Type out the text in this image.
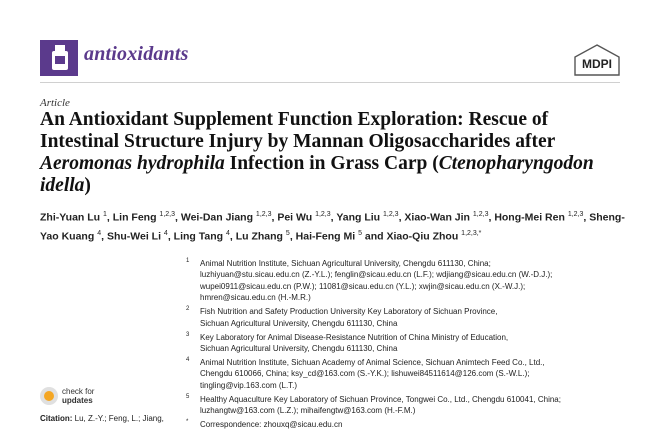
antioxidants	MDPI
Article
An Antioxidant Supplement Function Exploration: Rescue of Intestinal Structure Injury by Mannan Oligosaccharides after Aeromonas hydrophila Infection in Grass Carp (Ctenopharyngodon idella)
Zhi-Yuan Lu $^1$, Lin Feng $^{1,2,3}$, Wei-Dan Jiang $^{1,2,3}$, Pei Wu $^{1,2,3}$, Yang Liu $^{1,2,3}$, Xiao-Wan Jin $^{1,2,3}$, Hong-Mei Ren $^{1,2,3}$, Sheng-Yao Kuang $^4$, Shu-Wei Li $^4$, Ling Tang $^4$, Lu Zhang $^5$, Hai-Feng Mi $^5$ and Xiao-Qiu Zhou $^{1,2,3,*}$
1 Animal Nutrition Institute, Sichuan Agricultural University, Chengdu 611130, China;
luzhiyuan@stu.sicau.edu.cn (Z.-Y.L.); fenglin@sicau.edu.cn (L.F.); wdjiang@sicau.edu.cn (W.-D.J.);
wupei0911@sicau.edu.cn (P.W.); 11081@sicau.edu.cn (Y.L.); xwjin@sicau.edu.cn (X.-W.J.);
hmren@sicau.edu.cn (H.-M.R.)
2 Fish Nutrition and Safety Production University Key Laboratory of Sichuan Province,
Sichuan Agricultural University, Chengdu 611130, China
3 Key Laboratory for Animal Disease-Resistance Nutrition of China Ministry of Education,
Sichuan Agricultural University, Chengdu 611130, China
4 Animal Nutrition Institute, Sichuan Academy of Animal Science, Sichuan Animtech Feed Co., Ltd.,
Chengdu 610066, China; ksy_cd@163.com (S.-Y.K.); lishuwei84511614@126.com (S.-W.L.);
tingling@vip.163.com (L.T.)
5 Healthy Aquaculture Key Laboratory of Sichuan Province, Tongwei Co., Ltd., Chengdu 610041, China;
luzhangtw@163.com (L.Z.); mihaifengtw@163.com (H.-F.M.)
* Correspondence: zhouxq@sicau.edu.cn
check for
updates
Citation: Lu, Z.-Y.; Feng, L.; Jiang,
